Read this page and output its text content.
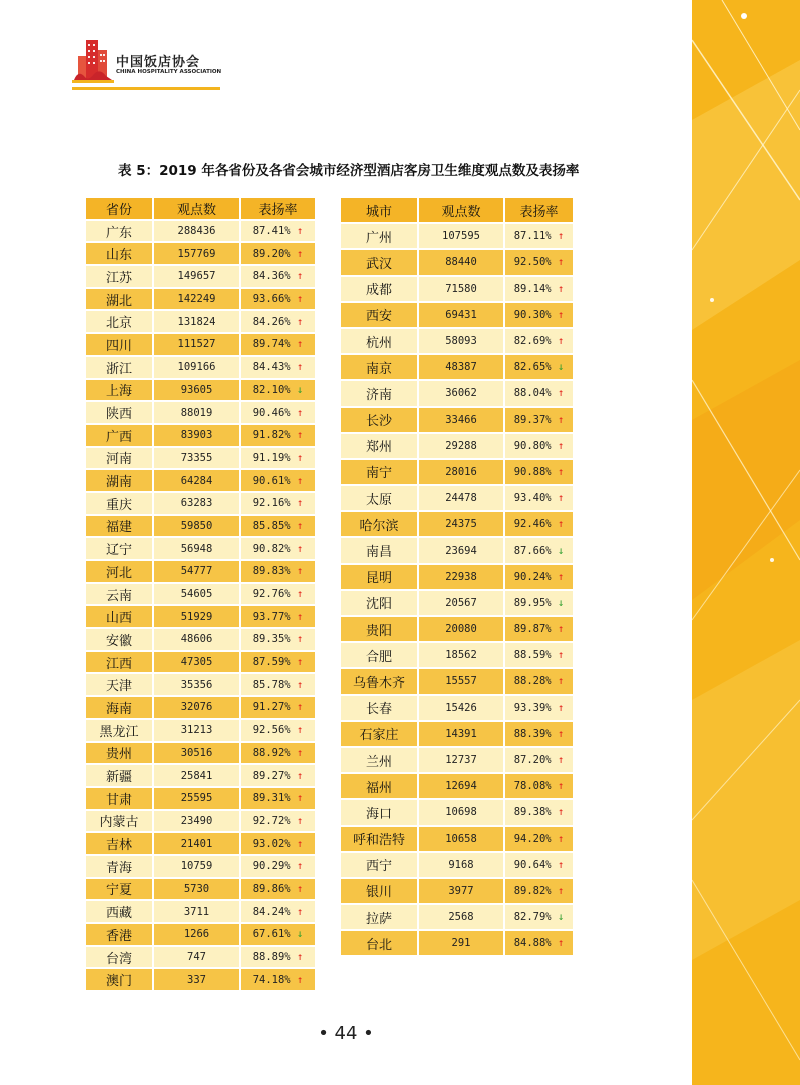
中国饭店协会
CHINA HOSPITALITY ASSOCIATION
表 5：2019 年各省份及各省会城市经济型酒店客房卫生维度观点数及表扬率
省份	观点数	表扬率
广东	288436	87.41% ↑
山东	157769	89.20% ↑
江苏	149657	84.36% ↑
湖北	142249	93.66% ↑
北京	131824	84.26% ↑
四川	111527	89.74% ↑
浙江	109166	84.43% ↑
上海	93605	82.10% ↓
陕西	88019	90.46% ↑
广西	83903	91.82% ↑
河南	73355	91.19% ↑
湖南	64284	90.61% ↑
重庆	63283	92.16% ↑
福建	59850	85.85% ↑
辽宁	56948	90.82% ↑
河北	54777	89.83% ↑
云南	54605	92.76% ↑
山西	51929	93.77% ↑
安徽	48606	89.35% ↑
江西	47305	87.59% ↑
天津	35356	85.78% ↑
海南	32076	91.27% ↑
黑龙江	31213	92.56% ↑
贵州	30516	88.92% ↑
新疆	25841	89.27% ↑
甘肃	25595	89.31% ↑
内蒙古	23490	92.72% ↑
吉林	21401	93.02% ↑
青海	10759	90.29% ↑
宁夏	5730	89.86% ↑
西藏	3711	84.24% ↑
香港	1266	67.61% ↓
台湾	747	88.89% ↑
澳门	337	74.18% ↑
城市	观点数	表扬率
广州	107595	87.11% ↑
武汉	88440	92.50% ↑
成都	71580	89.14% ↑
西安	69431	90.30% ↑
杭州	58093	82.69% ↑
南京	48387	82.65% ↓
济南	36062	88.04% ↑
长沙	33466	89.37% ↑
郑州	29288	90.80% ↑
南宁	28016	90.88% ↑
太原	24478	93.40% ↑
哈尔滨	24375	92.46% ↑
南昌	23694	87.66% ↓
昆明	22938	90.24% ↑
沈阳	20567	89.95% ↓
贵阳	20080	89.87% ↑
合肥	18562	88.59% ↑
乌鲁木齐	15557	88.28% ↑
长春	15426	93.39% ↑
石家庄	14391	88.39% ↑
兰州	12737	87.20% ↑
福州	12694	78.08% ↑
海口	10698	89.38% ↑
呼和浩特	10658	94.20% ↑
西宁	9168	90.64% ↑
银川	3977	89.82% ↑
拉萨	2568	82.79% ↓
台北	291	84.88% ↑
• 44 •
